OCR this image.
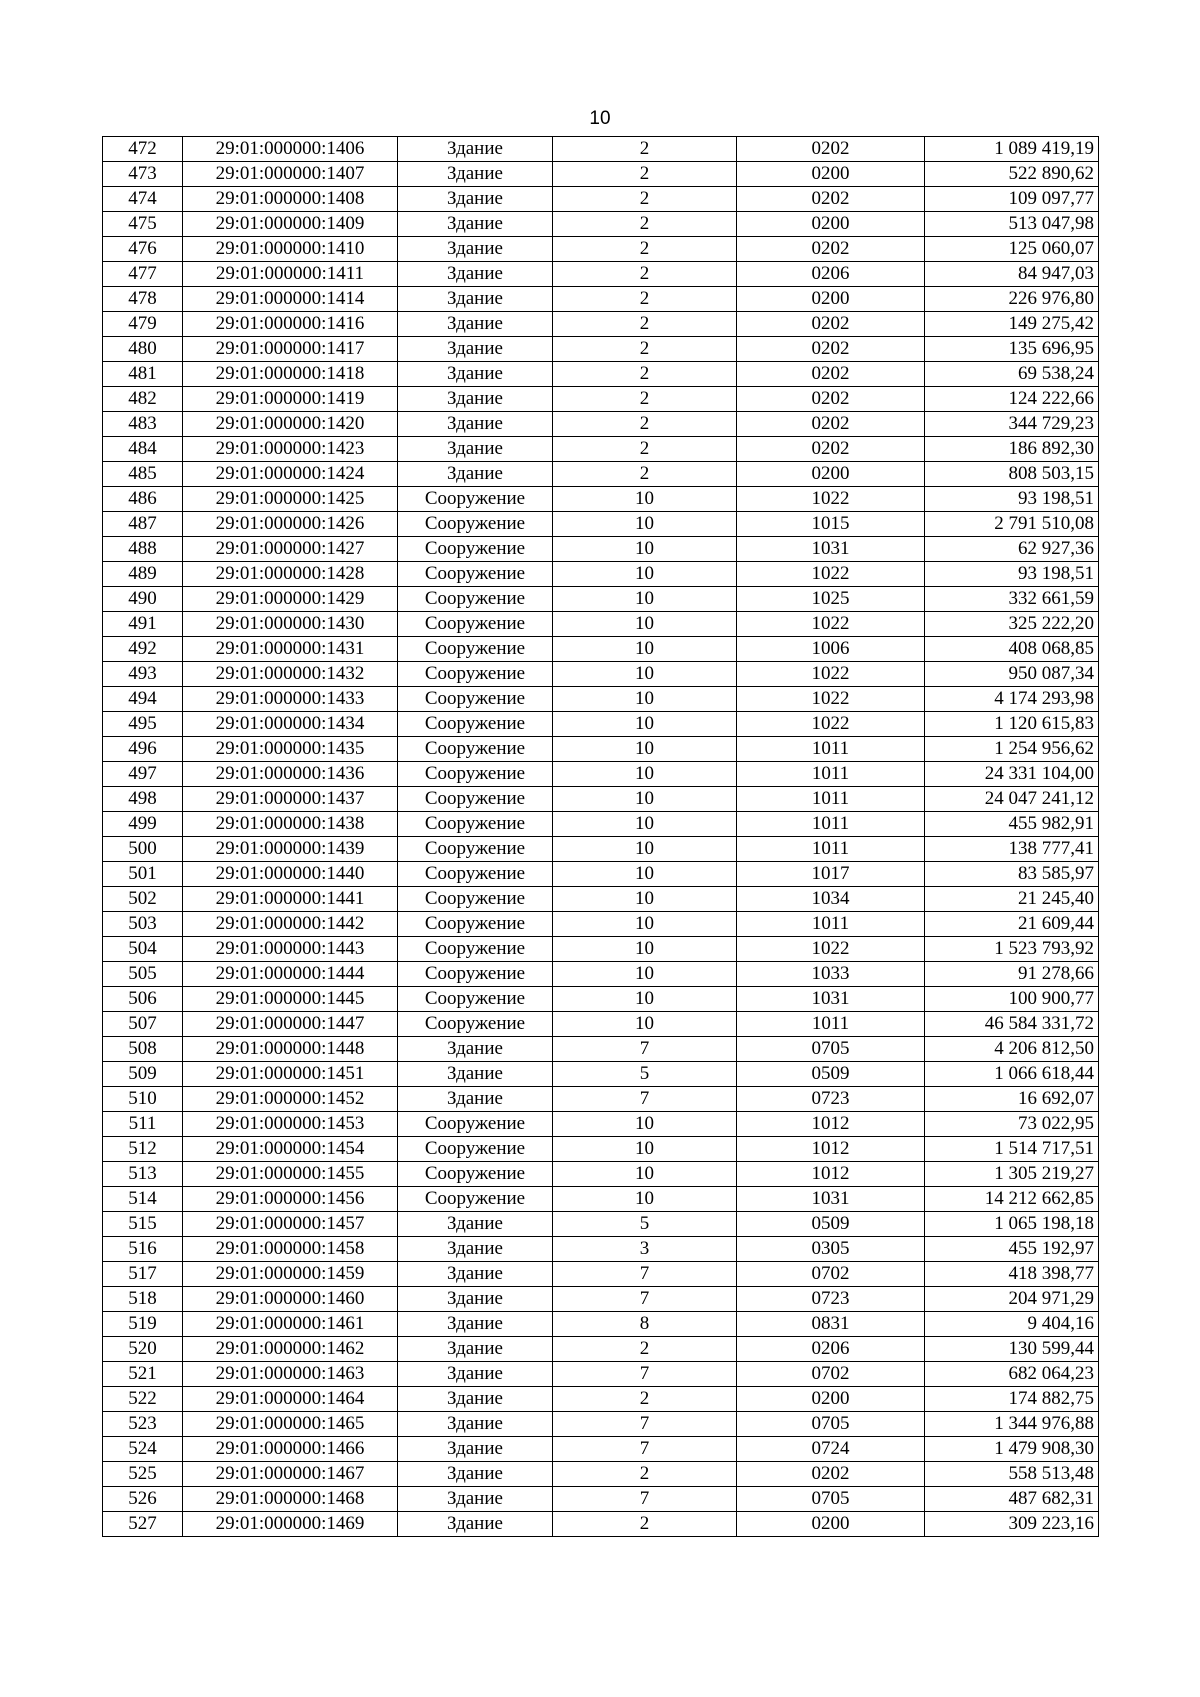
10
472	29:01:000000:1406	Здание	2	0202	1 089 419,19
473	29:01:000000:1407	Здание	2	0200	522 890,62
474	29:01:000000:1408	Здание	2	0202	109 097,77
475	29:01:000000:1409	Здание	2	0200	513 047,98
476	29:01:000000:1410	Здание	2	0202	125 060,07
477	29:01:000000:1411	Здание	2	0206	84 947,03
478	29:01:000000:1414	Здание	2	0200	226 976,80
479	29:01:000000:1416	Здание	2	0202	149 275,42
480	29:01:000000:1417	Здание	2	0202	135 696,95
481	29:01:000000:1418	Здание	2	0202	69 538,24
482	29:01:000000:1419	Здание	2	0202	124 222,66
483	29:01:000000:1420	Здание	2	0202	344 729,23
484	29:01:000000:1423	Здание	2	0202	186 892,30
485	29:01:000000:1424	Здание	2	0200	808 503,15
486	29:01:000000:1425	Сооружение	10	1022	93 198,51
487	29:01:000000:1426	Сооружение	10	1015	2 791 510,08
488	29:01:000000:1427	Сооружение	10	1031	62 927,36
489	29:01:000000:1428	Сооружение	10	1022	93 198,51
490	29:01:000000:1429	Сооружение	10	1025	332 661,59
491	29:01:000000:1430	Сооружение	10	1022	325 222,20
492	29:01:000000:1431	Сооружение	10	1006	408 068,85
493	29:01:000000:1432	Сооружение	10	1022	950 087,34
494	29:01:000000:1433	Сооружение	10	1022	4 174 293,98
495	29:01:000000:1434	Сооружение	10	1022	1 120 615,83
496	29:01:000000:1435	Сооружение	10	1011	1 254 956,62
497	29:01:000000:1436	Сооружение	10	1011	24 331 104,00
498	29:01:000000:1437	Сооружение	10	1011	24 047 241,12
499	29:01:000000:1438	Сооружение	10	1011	455 982,91
500	29:01:000000:1439	Сооружение	10	1011	138 777,41
501	29:01:000000:1440	Сооружение	10	1017	83 585,97
502	29:01:000000:1441	Сооружение	10	1034	21 245,40
503	29:01:000000:1442	Сооружение	10	1011	21 609,44
504	29:01:000000:1443	Сооружение	10	1022	1 523 793,92
505	29:01:000000:1444	Сооружение	10	1033	91 278,66
506	29:01:000000:1445	Сооружение	10	1031	100 900,77
507	29:01:000000:1447	Сооружение	10	1011	46 584 331,72
508	29:01:000000:1448	Здание	7	0705	4 206 812,50
509	29:01:000000:1451	Здание	5	0509	1 066 618,44
510	29:01:000000:1452	Здание	7	0723	16 692,07
511	29:01:000000:1453	Сооружение	10	1012	73 022,95
512	29:01:000000:1454	Сооружение	10	1012	1 514 717,51
513	29:01:000000:1455	Сооружение	10	1012	1 305 219,27
514	29:01:000000:1456	Сооружение	10	1031	14 212 662,85
515	29:01:000000:1457	Здание	5	0509	1 065 198,18
516	29:01:000000:1458	Здание	3	0305	455 192,97
517	29:01:000000:1459	Здание	7	0702	418 398,77
518	29:01:000000:1460	Здание	7	0723	204 971,29
519	29:01:000000:1461	Здание	8	0831	9 404,16
520	29:01:000000:1462	Здание	2	0206	130 599,44
521	29:01:000000:1463	Здание	7	0702	682 064,23
522	29:01:000000:1464	Здание	2	0200	174 882,75
523	29:01:000000:1465	Здание	7	0705	1 344 976,88
524	29:01:000000:1466	Здание	7	0724	1 479 908,30
525	29:01:000000:1467	Здание	2	0202	558 513,48
526	29:01:000000:1468	Здание	7	0705	487 682,31
527	29:01:000000:1469	Здание	2	0200	309 223,16
